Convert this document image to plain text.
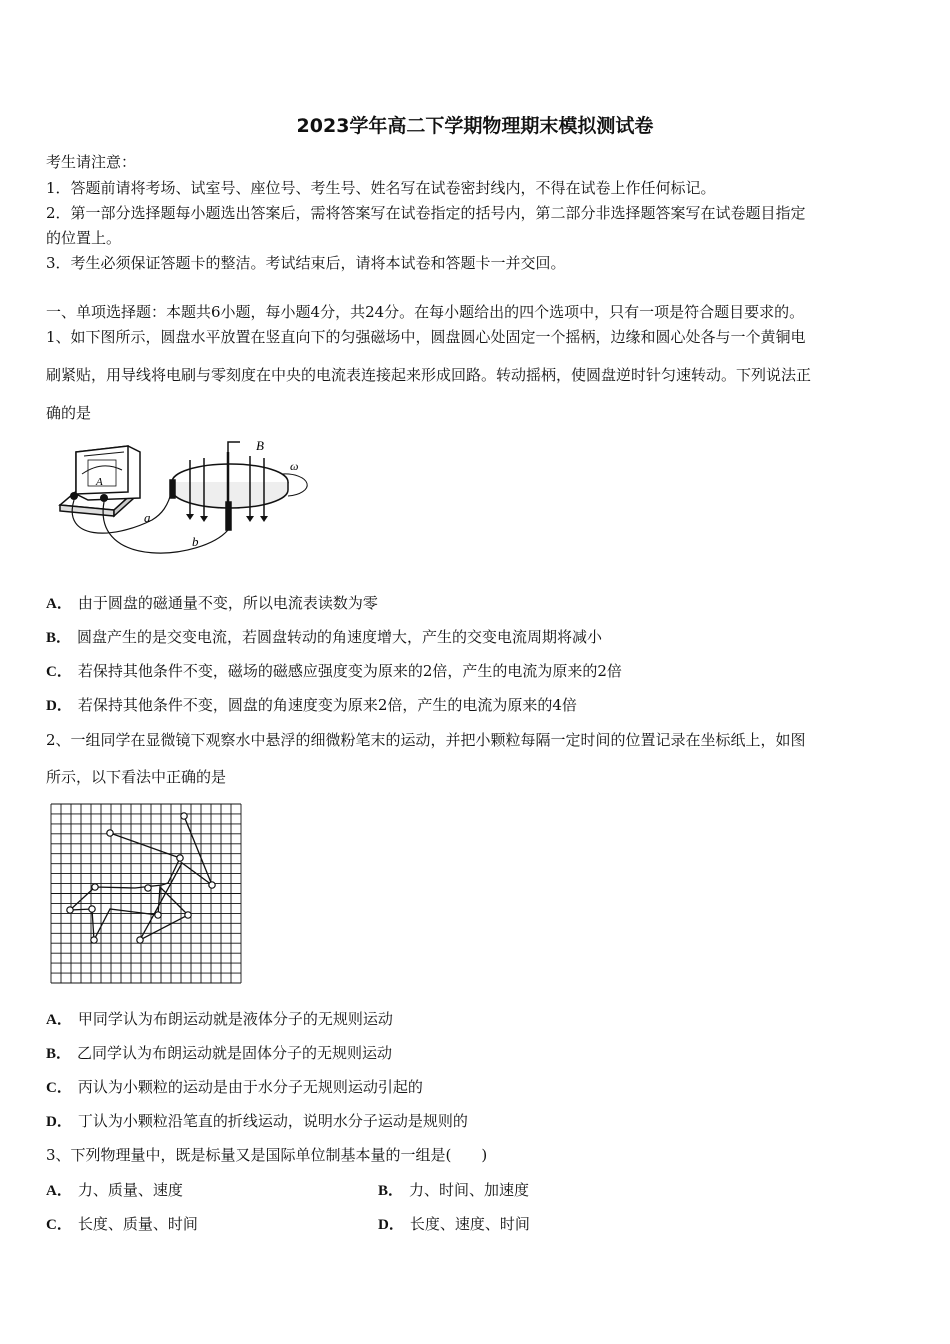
2023学年高二下学期物理期末模拟测试卷
考生请注意：
1．答题前请将考场、试室号、座位号、考生号、姓名写在试卷密封线内，不得在试卷上作任何标记。
2．第一部分选择题每小题选出答案后，需将答案写在试卷指定的括号内，第二部分非选择题答案写在试卷题目指定
的位置上。
3．考生必须保证答题卡的整洁。考试结束后，请将本试卷和答题卡一并交回。
一、单项选择题：本题共6小题，每小题4分，共24分。在每小题给出的四个选项中，只有一项是符合题目要求的。
1、如下图所示，圆盘水平放置在竖直向下的匀强磁场中，圆盘圆心处固定一个摇柄，边缘和圆心处各与一个黄铜电
刷紧贴，用导线将电刷与零刻度在中央的电流表连接起来形成回路。转动摇柄，使圆盘逆时针匀速转动。下列说法正
确的是
A
B
ω
a
b
A． 由于圆盘的磁通量不变，所以电流表读数为零
B． 圆盘产生的是交变电流，若圆盘转动的角速度增大，产生的交变电流周期将减小
C． 若保持其他条件不变，磁场的磁感应强度变为原来的2倍，产生的电流为原来的2倍
D． 若保持其他条件不变，圆盘的角速度变为原来2倍，产生的电流为原来的4倍
2、一组同学在显微镜下观察水中悬浮的细微粉笔末的运动，并把小颗粒每隔一定时间的位置记录在坐标纸上，如图
所示，以下看法中正确的是
A． 甲同学认为布朗运动就是液体分子的无规则运动
B． 乙同学认为布朗运动就是固体分子的无规则运动
C． 丙认为小颗粒的运动是由于水分子无规则运动引起的
D． 丁认为小颗粒沿笔直的折线运动，说明水分子运动是规则的
3、下列物理量中，既是标量又是国际单位制基本量的一组是(　　)
A． 力、质量、速度	B． 力、时间、加速度
C． 长度、质量、时间	D． 长度、速度、时间
